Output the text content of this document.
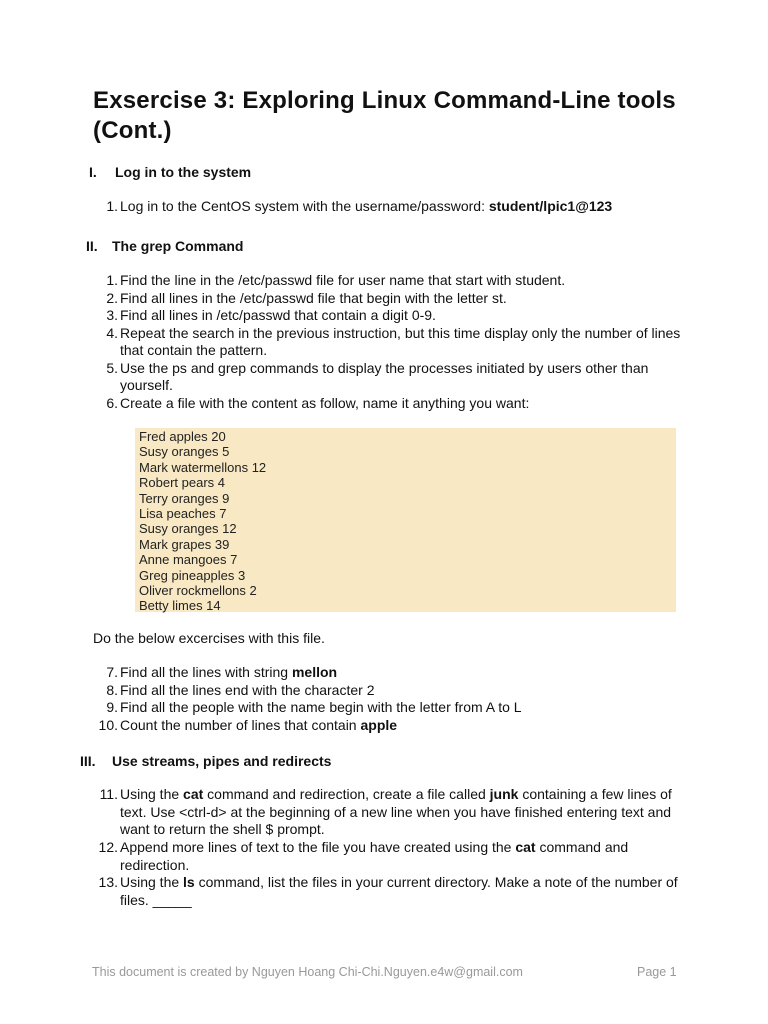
Exsercise 3: Exploring Linux Command-Line tools (Cont.)
I. Log in to the system
1. Log in to the CentOS system with the username/password: student/lpic1@123
II. The grep Command
1. Find the line in the /etc/passwd file for user name that start with student.
2. Find all lines in the /etc/passwd file that begin with the letter st.
3. Find all lines in /etc/passwd that contain a digit 0-9.
4. Repeat the search in the previous instruction, but this time display only the number of lines that contain the pattern.
5. Use the ps and grep commands to display the processes initiated by users other than yourself.
6. Create a file with the content as follow, name it anything you want:
Fred apples 20
Susy oranges 5
Mark watermellons 12
Robert pears 4
Terry oranges 9
Lisa peaches 7
Susy oranges 12
Mark grapes 39
Anne mangoes 7
Greg pineapples 3
Oliver rockmellons 2
Betty limes 14
Do the below excercises with this file.
7. Find all the lines with string mellon
8. Find all the lines end with the character 2
9. Find all the people with the name begin with the letter from A to L
10. Count the number of lines that contain apple
III. Use streams, pipes and redirects
11. Using the cat command and redirection, create a file called junk containing a few lines of text. Use <ctrl-d> at the beginning of a new line when you have finished entering text and want to return the shell $ prompt.
12. Append more lines of text to the file you have created using the cat command and redirection.
13. Using the ls command, list the files in your current directory. Make a note of the number of files. _____
This document is created by Nguyen Hoang Chi-Chi.Nguyen.e4w@gmail.com	Page 1
